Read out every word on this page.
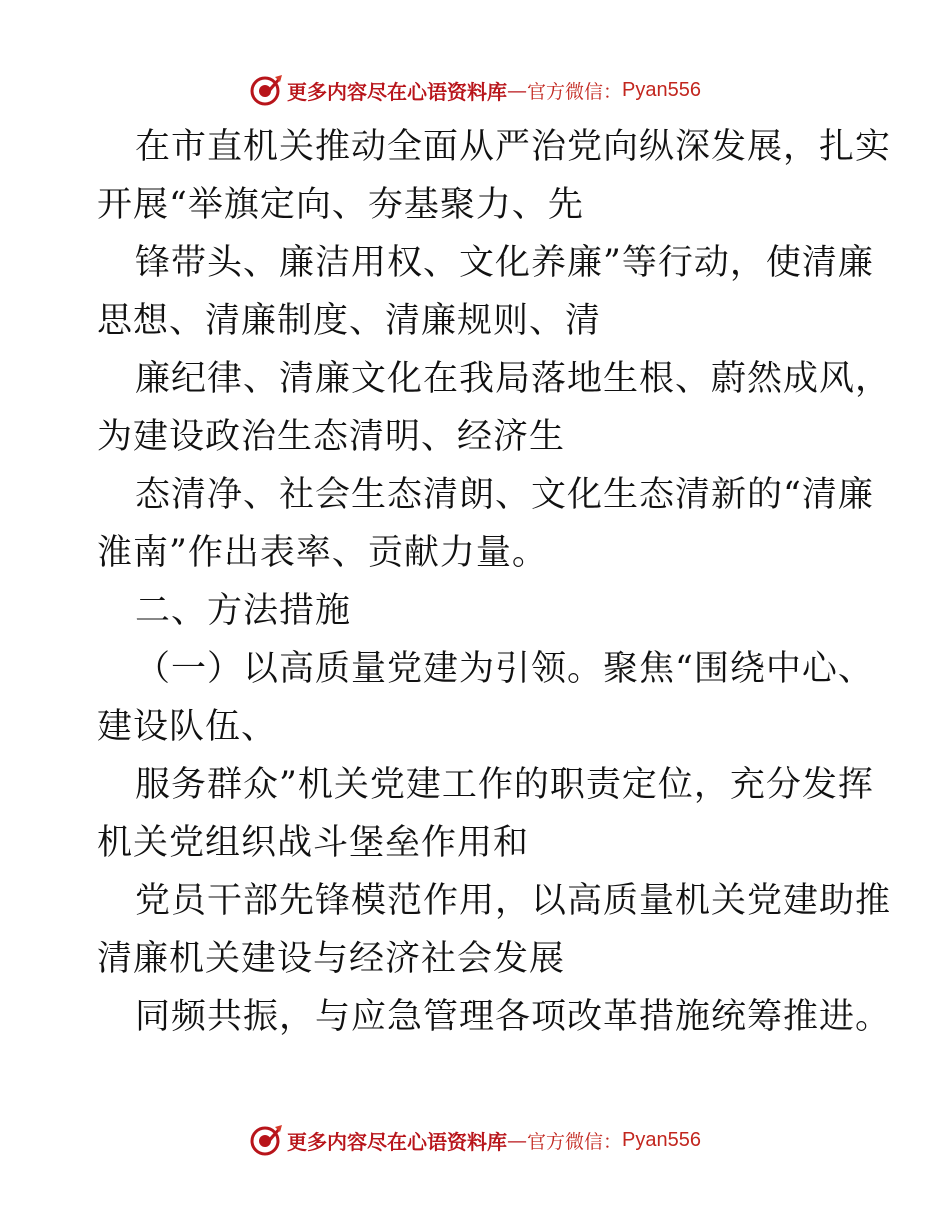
更多内容尽在心语资料库 — 官方微信： Pyan556
在市直机关推动全面从严治党向纵深发展，扎实
开展“举旗定向、夯基聚力、先
锋带头、廉洁用权、文化养廉”等行动，使清廉
思想、清廉制度、清廉规则、清
廉纪律、清廉文化在我局落地生根、蔚然成风，
为建设政治生态清明、经济生
态清净、社会生态清朗、文化生态清新的“清廉
淮南”作出表率、贡献力量。
二、方法措施
（一）以高质量党建为引领。聚焦“围绕中心、
建设队伍、
服务群众”机关党建工作的职责定位，充分发挥
机关党组织战斗堡垒作用和
党员干部先锋模范作用，以高质量机关党建助推
清廉机关建设与经济社会发展
同频共振，与应急管理各项改革措施统筹推进。
更多内容尽在心语资料库 — 官方微信： Pyan556
